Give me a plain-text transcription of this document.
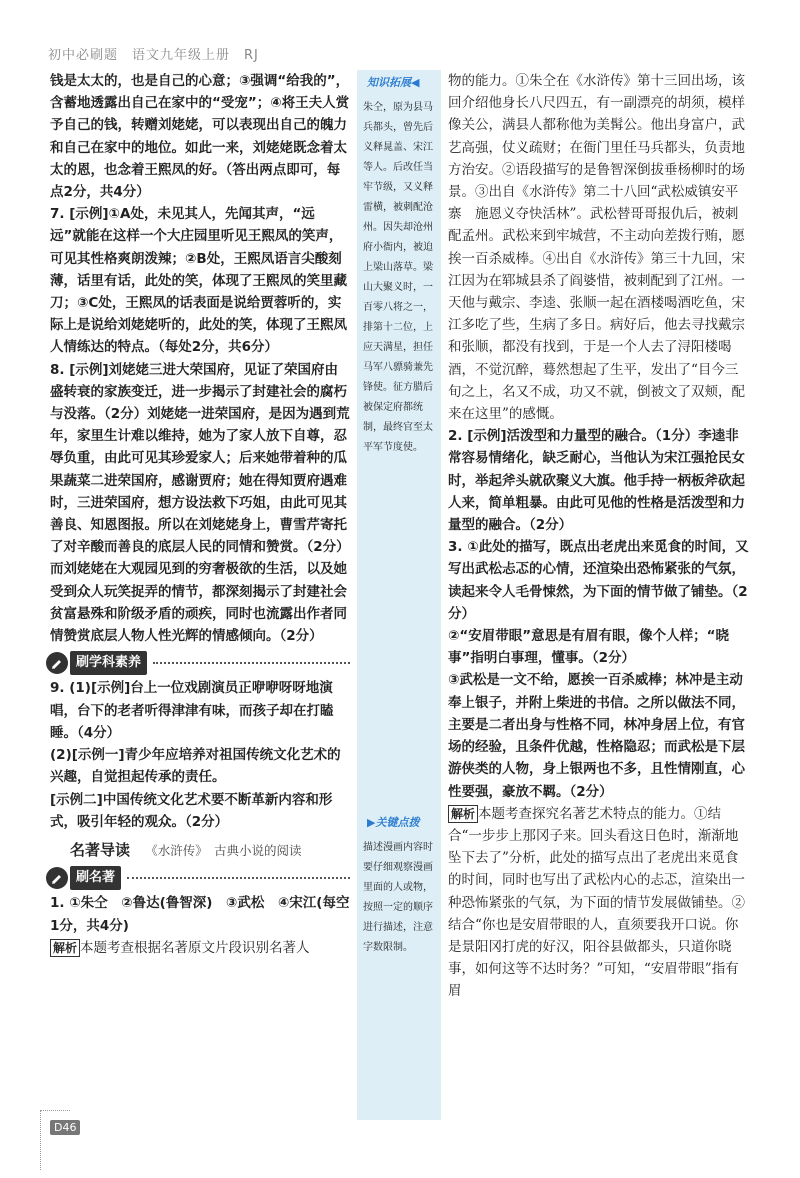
初中必刷题　语文九年级上册　RJ

钱是太太的，也是自己的心意；③强调“给我的”，含蓄地透露出自己在家中的“受宠”；④将王夫人赏予自己的钱，转赠刘姥姥，可以表现出自己的魄力和自己在家中的地位。如此一来，刘姥姥既念着太太的恩，也念着王熙凤的好。（答出两点即可，每点2分，共4分）

7. [示例]①A处，未见其人，先闻其声，“远远”就能在这样一个大庄园里听见王熙凤的笑声，可见其性格爽朗泼辣；②B处，王熙凤语言尖酸刻薄，话里有话，此处的笑，体现了王熙凤的笑里藏刀；③C处，王熙凤的话表面是说给贾蓉听的，实际上是说给刘姥姥听的，此处的笑，体现了王熙凤人情练达的特点。（每处2分，共6分）

8. [示例]刘姥姥三进大荣国府，见证了荣国府由盛转衰的家族变迁，进一步揭示了封建社会的腐朽与没落。（2分）刘姥姥一进荣国府，是因为遇到荒年，家里生计难以维持，她为了家人放下自尊，忍辱负重，由此可见其珍爱家人；后来她带着种的瓜果蔬菜二进荣国府，感谢贾府；她在得知贾府遇难时，三进荣国府，想方设法救下巧姐，由此可见其善良、知恩图报。所以在刘姥姥身上，曹雪芹寄托了对辛酸而善良的底层人民的同情和赞赏。（2分）而刘姥姥在大观园见到的穷奢极欲的生活，以及她受到众人玩笑捉弄的情节，都深刻揭示了封建社会贫富悬殊和阶级矛盾的顽疾，同时也流露出作者同情赞赏底层人物人性光辉的情感倾向。（2分）

刷学科素养

9. (1)[示例]台上一位戏剧演员正咿咿呀呀地演唱，台下的老者听得津津有味，而孩子却在打瞌睡。（4分）

(2)[示例一]青少年应培养对祖国传统文化艺术的兴趣，自觉担起传承的责任。

[示例二]中国传统文化艺术要不断革新内容和形式，吸引年轻的观众。（2分）

名著导读 《水浒传》　古典小说的阅读
刷名著

1. ①朱仝　②鲁达(鲁智深)　③武松　④宋江(每空1分，共4分)

解析 本题考查根据名著原文片段识别名著人

知识拓展◀
朱仝，原为县马兵都头，曾先后义释晁盖、宋江等人。后改任当牢节级，又义释雷横，被刺配沧州。因失却沧州府小衙内，被迫上梁山落草。梁山大聚义时，一百零八将之一，排第十二位，上应天满星，担任马军八骠骑兼先锋使。征方腊后被保定府都统制，最终官至太平军节度使。
▶关键点拨
描述漫画内容时要仔细观察漫画里面的人或物，按照一定的顺序进行描述，注意字数限制。

物的能力。①朱仝在《水浒传》第十三回出场，该回介绍他身长八尺四五，有一副漂亮的胡须，模样像关公，满县人都称他为美髯公。他出身富户，武艺高强，仗义疏财；在衙门里任马兵都头，负责地方治安。②语段描写的是鲁智深倒拔垂杨柳时的场景。③出自《水浒传》第二十八回“武松威镇安平寨　施恩义夺快活林”。武松替哥哥报仇后，被刺配孟州。武松来到牢城营，不主动向差拨行贿，愿挨一百杀威棒。④出自《水浒传》第三十九回，宋江因为在郓城县杀了阎婆惜，被刺配到了江州。一天他与戴宗、李逵、张顺一起在酒楼喝酒吃鱼，宋江多吃了些，生病了多日。病好后，他去寻找戴宗和张顺，都没有找到，于是一个人去了浔阳楼喝酒，不觉沉醉，蓦然想起了生平，发出了“目今三旬之上，名又不成，功又不就，倒被文了双颊，配来在这里”的感慨。

2. [示例]活泼型和力量型的融合。（1分）李逵非常容易情绪化，缺乏耐心，当他认为宋江强抢民女时，举起斧头就砍聚义大旗。他手持一柄板斧砍起人来，简单粗暴。由此可见他的性格是活泼型和力量型的融合。（2分）

3. ①此处的描写，既点出老虎出来觅食的时间，又写出武松忐忑的心情，还渲染出恐怖紧张的气氛，读起来令人毛骨悚然，为下面的情节做了铺垫。（2分）

②“安眉带眼”意思是有眉有眼，像个人样；“晓事”指明白事理，懂事。（2分）

③武松是一文不给，愿挨一百杀威棒；林冲是主动奉上银子，并附上柴进的书信。之所以做法不同，主要是二者出身与性格不同，林冲身居上位，有官场的经验，且条件优越，性格隐忍；而武松是下层游侠类的人物，身上银两也不多，且性情刚直，心性要强，豪放不羁。（2分）

解析 本题考查探究名著艺术特点的能力。①结合“一步步上那冈子来。回头看这日色时，渐渐地坠下去了”分析，此处的描写点出了老虎出来觅食的时间，同时也写出了武松内心的忐忑，渲染出一种恐怖紧张的气氛，为下面的情节发展做铺垫。②结合“你也是安眉带眼的人，直须要我开口说。你是景阳冈打虎的好汉，阳谷县做都头，只道你晓事，如何这等不达时务？”可知，“安眉带眼”指有眉

D46
